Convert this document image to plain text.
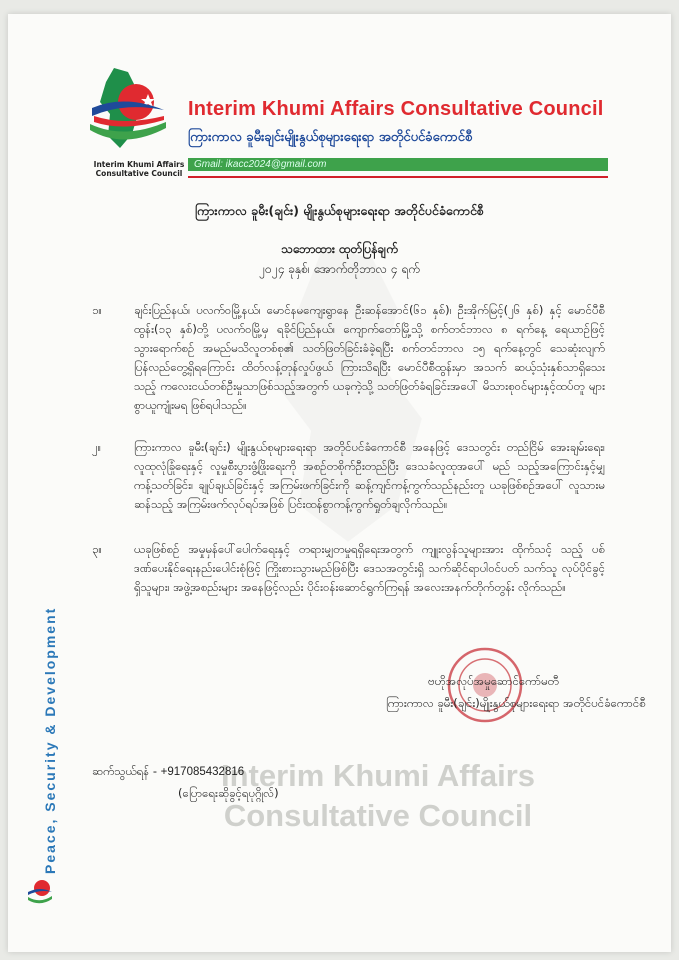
Interim Khumi Affairs
Consultative Council
Interim Khumi Affairs Consultative Council
Interim Khumi Affairs Consultative Council
ကြားကာလ ခူမီးချင်းမျိုးနွယ်စုများရေးရာ အတိုင်ပင်ခံကောင်စီ
Gmail: ikacc2024@gmail.com
ကြားကာလ ခူမီး(ချင်း) မျိုးနွယ်စုများရေးရာ အတိုင်ပင်ခံကောင်စီ
သဘောထား ထုတ်ပြန်ချက်
၂၀၂၄ ခုနှစ်၊ အောက်တိုဘာလ ၄ ရက်
၁။	ချင်းပြည်နယ်၊ ပလက်ဝမြို့နယ်၊ မောင်နမကျေးရွာနေ ဦးဆန်အောင်(၆၁ နှစ်)၊ ဦးအိုက်မြင့်(၂၆ နှစ်) နှင့် မောင်ပီစီထွန်း(၁၃ နှစ်)တို့ ပလက်ဝမြို့မှ ရခိုင်ပြည်နယ်၊ ကျောက်တော်မြို့သို့ စက်တင်ဘာလ ၈ ရက်နေ့ ရေယာဉ်ဖြင့် သွားရောက်စဉ် အမည်မသိလူတစ်စု၏ သတ်ဖြတ်ခြင်းခံခဲ့ရပြီး စက်တင်ဘာလ ၁၅ ရက်နေ့တွင် သေဆုံးလျက်ပြန်လည်တွေ့ရှိရကြောင်း ထိတ်လန့်တုန်လှုပ်ဖွယ် ကြားသိရပြီး မောင်ပီစီထွန်းမှာ အသက် ဆယ့်သုံးနှစ်သာရှိသေးသည့် ကလေးငယ်တစ်ဦးမှုသာဖြစ်သည့်အတွက် ယခုကဲ့သို့ သတ်ဖြတ်ခံရခြင်းအပေါ် မိသားစုဝင်များနှင့်ထပ်တူ များစွာယူကျုံးမရ ဖြစ်ရပါသည်။
၂။	ကြားကာလ ခူမီး(ချင်း) မျိုးနွယ်စုများရေးရာ အတိုင်ပင်ခံကောင်စီ အနေဖြင့် ဒေသတွင်း တည်ငြိမ် အေးချမ်းရေး၊ လူထုလုံခြုံရေးနှင့် လူမှုစီးပွားဖွံ့ဖြိုးရေးကို အစဉ်တစိုက်ဦးတည်ပြီး ဒေသခံလူထုအပေါ် မည် သည့်အကြောင်းနှင့်မျှ ကန့်သတ်ခြင်း၊ ချုပ်ချယ်ခြင်းနှင့် အကြမ်းဖက်ခြင်းကို ဆန့်ကျင်ကန့်ကွက်သည်နည်းတူ ယခုဖြစ်စဉ်အပေါ် လူသားမဆန်သည့် အကြမ်းဖက်လုပ်ရပ်အဖြစ် ပြင်းထန်စွာကန့်ကွက်ရှုတ်ချလိုက်သည်။
၃။	ယခုဖြစ်စဉ် အမှုမှန်ပေါ်ပေါက်ရေးနှင့် တရားမျှတမှုရရှိရေးအတွက် ကျူးလွန်သူများအား ထိုက်သင့် သည့် ပစ်ဒဏ်ပေးနိုင်ရေးနည်းပေါင်းစုံဖြင့် ကြိုးစားသွားမည်ဖြစ်ပြီး ဒေသအတွင်းရှိ သက်ဆိုင်ရာပါဝင်ပတ် သက်သူ လုပ်ပိုင်ခွင့်ရှိသူများ၊ အဖွဲ့အစည်းများ အနေဖြင့်လည်း ပိုင်းဝန်းဆောင်ရွက်ကြရန် အလေးအနက်တိုက်တွန်း လိုက်သည်။
ဗဟိုအလုပ်အမှုဆောင်ကော်မတီ
ကြားကာလ ခူမီး(ချင်း)မျိုးနွယ်စုများရေးရာ အတိုင်ပင်ခံကောင်စီ
ဆက်သွယ်ရန် - +917085432816
(ပြောရေးဆိုခွင့်ရပုဂ္ဂိုလ်)
Peace, Security & Development
